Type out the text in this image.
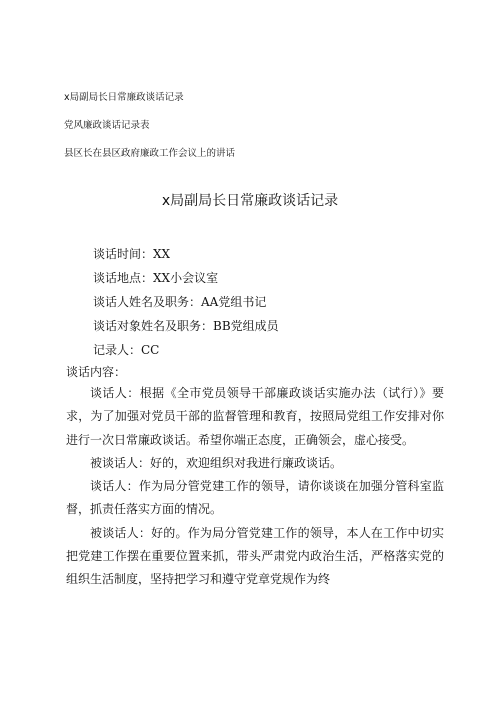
x局副局长日常廉政谈话记录
党风廉政谈话记录表
县区长在县区政府廉政工作会议上的讲话
x局副局长日常廉政谈话记录
谈话时间：XX
谈话地点：XX小会议室
谈话人姓名及职务：AA党组书记
谈话对象姓名及职务：BB党组成员
记录人：CC
谈话内容：

谈话人：根据《全市党员领导干部廉政谈话实施办法（试行）》要求，为了加强对党员干部的监督管理和教育，按照局党组工作安排对你进行一次日常廉政谈话。希望你端正态度，正确领会，虚心接受。

被谈话人：好的，欢迎组织对我进行廉政谈话。

谈话人：作为局分管党建工作的领导，请你谈谈在加强分管科室监督，抓责任落实方面的情况。

被谈话人：好的。作为局分管党建工作的领导，本人在工作中切实把党建工作摆在重要位置来抓，带头严肃党内政治生活，严格落实党的组织生活制度，坚持把学习和遵守党章党规作为终
